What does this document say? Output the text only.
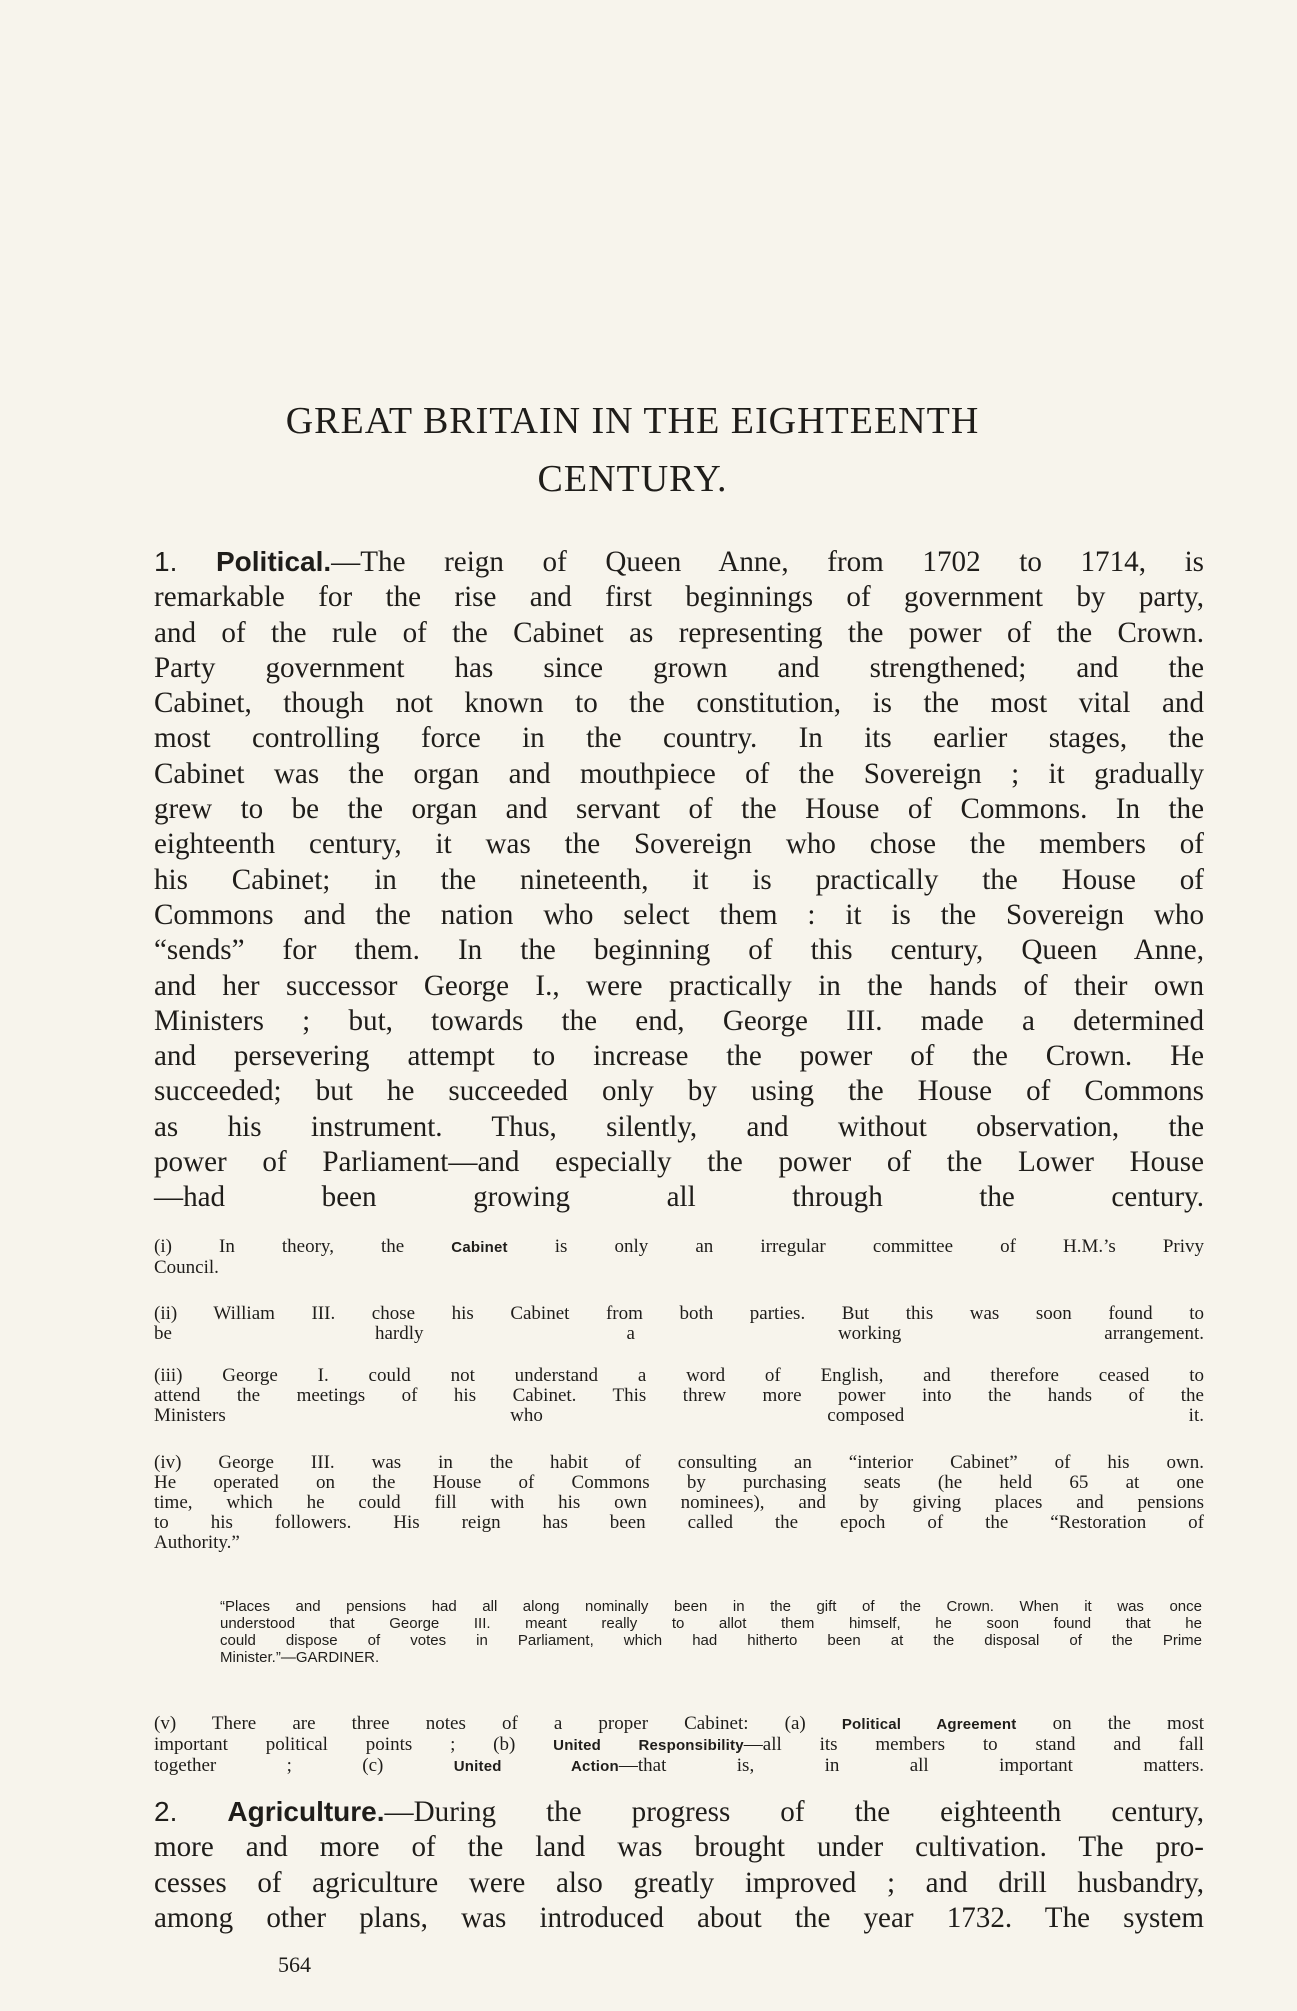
GREAT BRITAIN IN THE EIGHTEENTH
CENTURY.

1. Political.—The reign of Queen Anne, from 1702 to 1714, is
remarkable for the rise and first beginnings of government by party,
and of the rule of the Cabinet as representing the power of the Crown.
Party government has since grown and strengthened; and the
Cabinet, though not known to the constitution, is the most vital and
most controlling force in the country. In its earlier stages, the
Cabinet was the organ and mouthpiece of the Sovereign ; it gradually
grew to be the organ and servant of the House of Commons. In the
eighteenth century, it was the Sovereign who chose the members of
his Cabinet; in the nineteenth, it is practically the House of
Commons and the nation who select them : it is the Sovereign who
“sends” for them. In the beginning of this century, Queen Anne,
and her successor George I., were practically in the hands of their own
Ministers ; but, towards the end, George III. made a determined
and persevering attempt to increase the power of the Crown. He
succeeded; but he succeeded only by using the House of Commons
as his instrument. Thus, silently, and without observation, the
power of Parliament—and especially the power of the Lower House
—had been growing all through the century.

(i) In theory, the Cabinet is only an irregular committee of H.M.’s Privy
Council.

(ii) William III. chose his Cabinet from both parties. But this was soon found to
be hardly a working arrangement.

(iii) George I. could not understand a word of English, and therefore ceased to
attend the meetings of his Cabinet. This threw more power into the hands of the
Ministers who composed it.

(iv) George III. was in the habit of consulting an “interior Cabinet” of his own.
He operated on the House of Commons by purchasing seats (he held 65 at one
time, which he could fill with his own nominees), and by giving places and pensions
to his followers. His reign has been called the epoch of the “Restoration of
Authority.”

“Places and pensions had all along nominally been in the gift of the Crown. When it was once
understood that George III. meant really to allot them himself, he soon found that he
could dispose of votes in Parliament, which had hitherto been at the disposal of the Prime
Minister.”—GARDINER.

(v) There are three notes of a proper Cabinet: (a) Political Agreement on the most
important political points ; (b) United Responsibility—all its members to stand and fall
together ; (c) United Action—that is, in all important matters.

2. Agriculture.—During the progress of the eighteenth century,
more and more of the land was brought under cultivation. The pro-
cesses of agriculture were also greatly improved ; and drill husbandry,
among other plans, was introduced about the year 1732. The system

564
